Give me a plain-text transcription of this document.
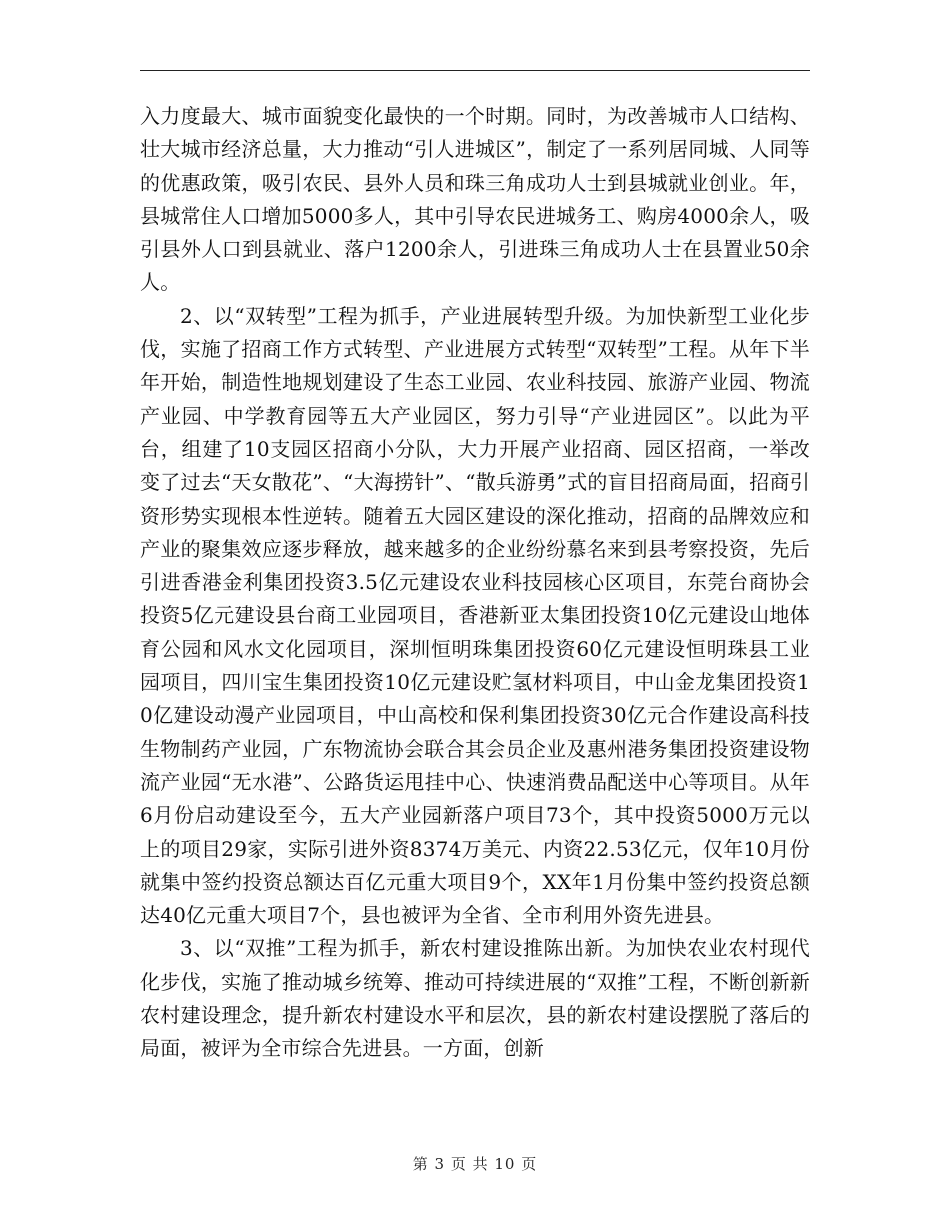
入力度最大、城市面貌变化最快的一个时期。同时，为改善城市人口结构、壮大城市经济总量，大力推动“引人进城区”，制定了一系列居同城、人同等的优惠政策，吸引农民、县外人员和珠三角成功人士到县城就业创业。年，县城常住人口增加5000多人，其中引导农民进城务工、购房4000余人，吸引县外人口到县就业、落户1200余人，引进珠三角成功人士在县置业50余人。

2、以“双转型”工程为抓手，产业进展转型升级。为加快新型工业化步伐，实施了招商工作方式转型、产业进展方式转型“双转型”工程。从年下半年开始，制造性地规划建设了生态工业园、农业科技园、旅游产业园、物流产业园、中学教育园等五大产业园区，努力引导“产业进园区”。以此为平台，组建了10支园区招商小分队，大力开展产业招商、园区招商，一举改变了过去“天女散花”、“大海捞针”、“散兵游勇”式的盲目招商局面，招商引资形势实现根本性逆转。随着五大园区建设的深化推动，招商的品牌效应和产业的聚集效应逐步释放，越来越多的企业纷纷慕名来到县考察投资，先后引进香港金利集团投资3.5亿元建设农业科技园核心区项目，东莞台商协会投资5亿元建设县台商工业园项目，香港新亚太集团投资10亿元建设山地体育公园和风水文化园项目，深圳恒明珠集团投资60亿元建设恒明珠县工业园项目，四川宝生集团投资10亿元建设贮氢材料项目，中山金龙集团投资10亿建设动漫产业园项目，中山高校和保利集团投资30亿元合作建设高科技生物制药产业园，广东物流协会联合其会员企业及惠州港务集团投资建设物流产业园“无水港”、公路货运甩挂中心、快速消费品配送中心等项目。从年6月份启动建设至今，五大产业园新落户项目73个，其中投资5000万元以上的项目29家，实际引进外资8374万美元、内资22.53亿元，仅年10月份就集中签约投资总额达百亿元重大项目9个，XX年1月份集中签约投资总额达40亿元重大项目7个，县也被评为全省、全市利用外资先进县。

3、以“双推”工程为抓手，新农村建设推陈出新。为加快农业农村现代化步伐，实施了推动城乡统筹、推动可持续进展的“双推”工程，不断创新新农村建设理念，提升新农村建设水平和层次，县的新农村建设摆脱了落后的局面，被评为全市综合先进县。一方面，创新

第 3 页 共 10 页
